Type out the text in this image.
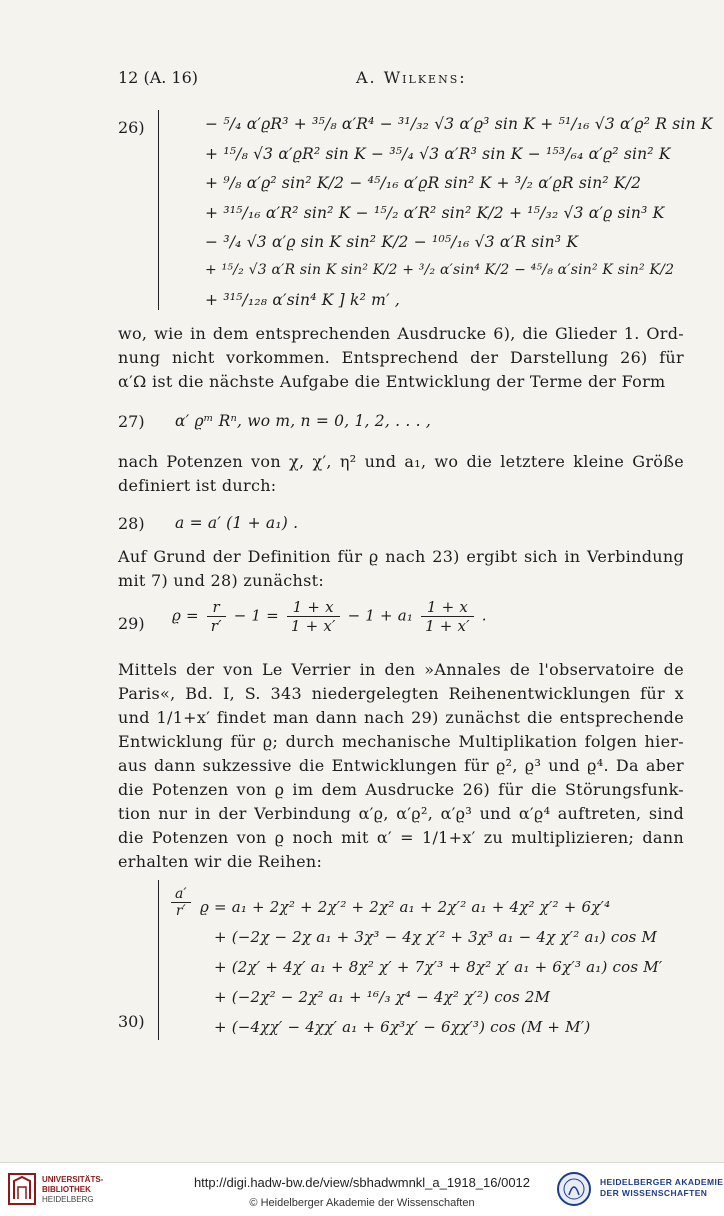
12 (A. 16)	A. Wilkens:
26)	− ⁵/₄ α′ϱR³ + ³⁵/₈ α′R⁴ − ³¹/₃₂ √3 α′ϱ³ sin K + ⁵¹/₁₆ √3 α′ϱ² R sin K
+ ¹⁵/₈ √3 α′ϱR² sin K − ³⁵/₄ √3 α′R³ sin K − ¹⁵³/₆₄ α′ϱ² sin² K
+ ⁹/₈ α′ϱ² sin² K/2 − ⁴⁵/₁₆ α′ϱR sin² K + ³/₂ α′ϱR sin² K/2
+ ³¹⁵/₁₆ α′R² sin² K − ¹⁵/₂ α′R² sin² K/2 + ¹⁵/₃₂ √3 α′ϱ sin³ K
− ³/₄ √3 α′ϱ sin K sin² K/2 − ¹⁰⁵/₁₆ √3 α′R sin³ K
+ ¹⁵/₂ √3 α′R sin K sin² K/2 + ³/₂ α′sin⁴ K/2 − ⁴⁵/₈ α′sin² K sin² K/2
+ ³¹⁵/₁₂₈ α′sin⁴ K ] k² m′ ,
wo, wie in dem entsprechenden Ausdrucke 6), die Glieder 1. Ord-
nung nicht vorkommen. Entsprechend der Darstellung 26) für
α′Ω ist die nächste Aufgabe die Entwicklung der Terme der Form
27) α′ ϱᵐ Rⁿ, wo m, n = 0, 1, 2, . . . ,
nach Potenzen von χ, χ′, η² und a₁, wo die letztere kleine Größe
definiert ist durch:
28) a = a′ (1 + a₁) .
Auf Grund der Definition für ϱ nach 23) ergibt sich in Verbindung
mit 7) und 28) zunächst:
29) $ϱ = \frac{r}{r'} - 1 = \frac{1 + x}{1 + x'} - 1 + a_1 \frac{1 + x}{1 + x'}$ .
Mittels der von Le Verrier in den »Annales de l'observatoire de
Paris«, Bd. I, S. 343 niedergelegten Reihenentwicklungen für x
und 1/1+x′ findet man dann nach 29) zunächst die entsprechende
Entwicklung für ϱ; durch mechanische Multiplikation folgen hier-
aus dann sukzessive die Entwicklungen für ϱ², ϱ³ und ϱ⁴. Da aber
die Potenzen von ϱ im dem Ausdrucke 26) für die Störungsfunk-
tion nur in der Verbindung α′ϱ, α′ϱ², α′ϱ³ und α′ϱ⁴ auftreten, sind
die Potenzen von ϱ noch mit α′ = 1/1+x′ zu multiplizieren; dann
erhalten wir die Reihen:
30)
$\frac{a'}{r'}$ ϱ = a₁ + 2χ² + 2χ′² + 2χ² a₁ + 2χ′² a₁ + 4χ² χ′² + 6χ′⁴
+ (−2χ − 2χ a₁ + 3χ³ − 4χ χ′² + 3χ³ a₁ − 4χ χ′² a₁) cos M
+ (2χ′ + 4χ′ a₁ + 8χ² χ′ + 7χ′³ + 8χ² χ′ a₁ + 6χ′³ a₁) cos M′
+ (−2χ² − 2χ² a₁ + ¹⁶/₃ χ⁴ − 4χ² χ′²) cos 2M
+ (−4χχ′ − 4χχ′ a₁ + 6χ³χ′ − 6χχ′³) cos (M + M′)
UNIVERSITÄTS-
BIBLIOTHEK
HEIDELBERG
http://digi.hadw-bw.de/view/sbhadwmnkl_a_1918_16/0012
© Heidelberger Akademie der Wissenschaften
HEIDELBERGER AKADEMIE
DER WISSENSCHAFTEN
